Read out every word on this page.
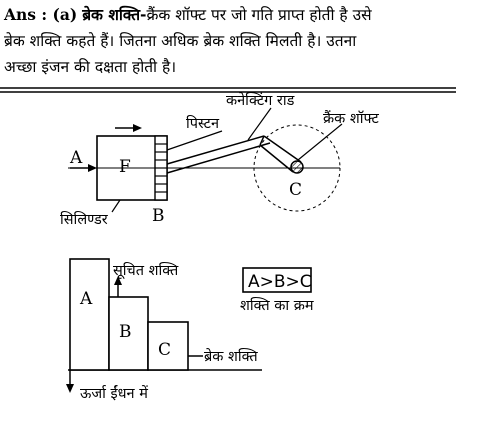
Ans : (a) ब्रेक शक्ति-क्रैंक शॉफ्ट पर जो गति प्राप्त होती है उसे
ब्रेक शक्ति कहते हैं। जितना अधिक ब्रेक शक्ति मिलती है। उतना
अच्छा इंजन की दक्षता होती है।

A F
B
C
पिस्टन
कनेक्टिंग राड
क्रैंक शॉफ्ट
सिलिण्डर
A
B
C
सूचित शक्ति
ब्रेक शक्ति
ऊर्जा ईंधन में
A>B>C
शक्ति का क्रम
